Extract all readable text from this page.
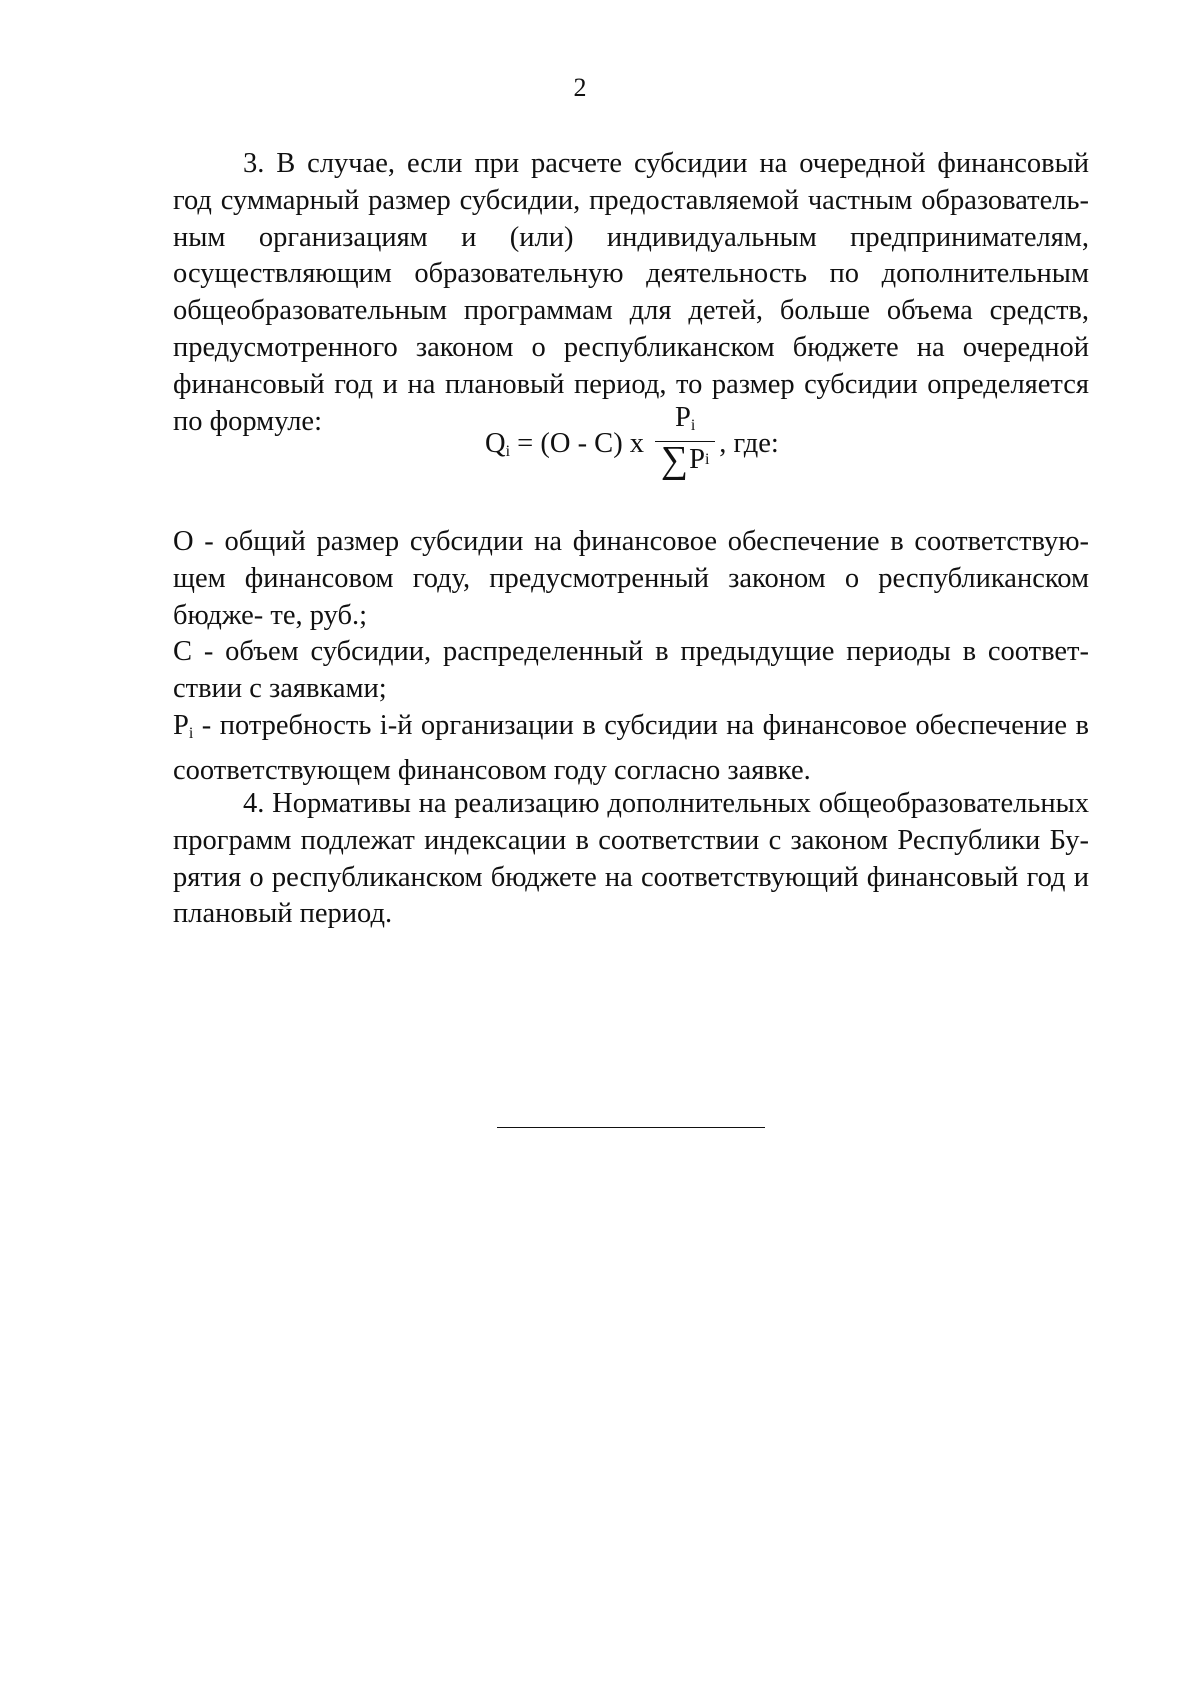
2

3. В случае, если при расчете субсидии на очередной финансовый год суммарный размер субсидии, предоставляемой частным образовательным организациям и (или) индивидуальным предпринимателям, осуществляющим образовательную деятельность по дополнительным общеобразовательным программам для детей, больше объема средств, предусмотренного законом о республиканском бюджете на очередной финансовый год и на плановый период, то размер субсидии определяется по формуле:

$Q_i = (O - C)$ x $\frac{P_i}{\text{∑ P i}}$ , где:

O - общий размер субсидии на финансовое обеспечение в соответствующем финансовом году, предусмотренный законом о республиканском бюдже- те, руб.;

C - объем субсидии, распределенный в предыдущие периоды в соответствии с заявками;

$P_i$ - потребность i-й организации в субсидии на финансовое обеспечение в соответствующем финансовом году согласно заявке.

4. Нормативы на реализацию дополнительных общеобразовательных программ подлежат индексации в соответствии с законом Республики Бурятия о республиканском бюджете на соответствующий финансовый год и плановый период.
